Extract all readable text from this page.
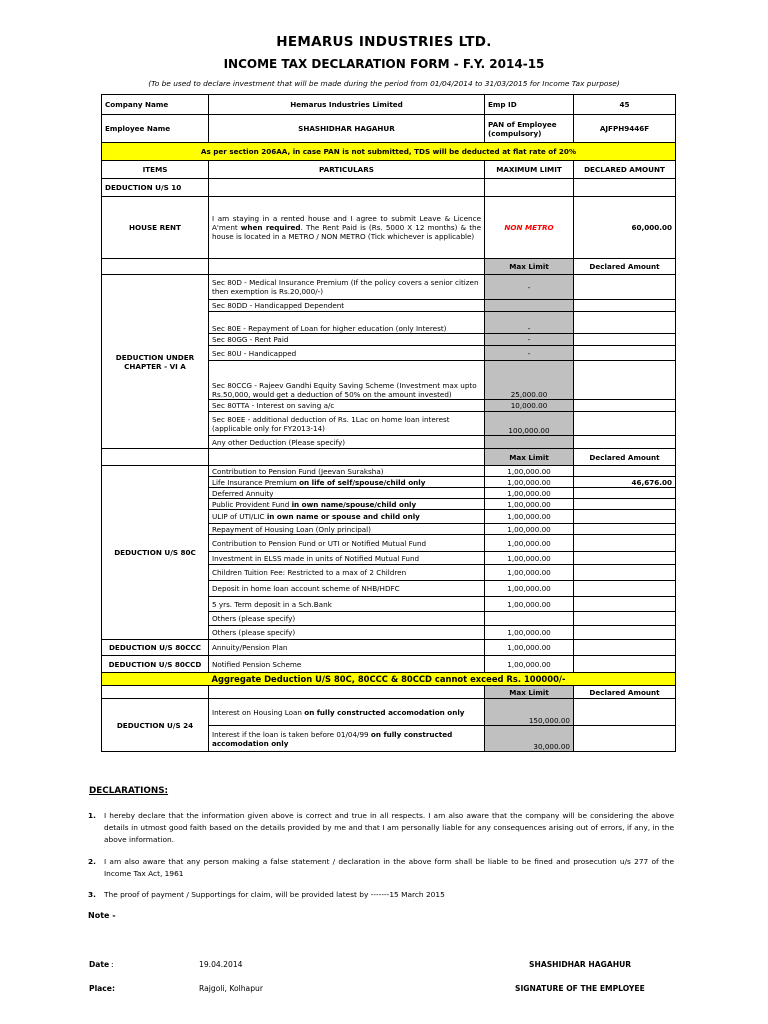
HEMARUS INDUSTRIES LTD.
INCOME TAX DECLARATION FORM - F.Y. 2014-15
(To be used to declare investment that will be made during the period from 01/04/2014 to 31/03/2015 for Income Tax purpose)
Company Name	Hemarus Industries Limited	Emp ID	45
Employee Name	SHASHIDHAR HAGAHUR	PAN of Employee (compulsory)	AJFPH9446F
As per section 206AA, in case PAN is not submitted, TDS will be deducted at flat rate of 20%			
ITEMS	PARTICULARS	MAXIMUM LIMIT	DECLARED AMOUNT
DEDUCTION U/S 10			
HOUSE RENT	I am staying in a rented house and I agree to submit Leave & Licence A'ment when required. The Rent Paid is (Rs. 5000 X 12 months) & the house is located in a METRO / NON METRO (Tick whichever is applicable)	NON METRO	60,000.00
		Max Limit	Declared Amount
DEDUCTION UNDER CHAPTER - VI A	Sec 80D - Medical Insurance Premium (If the policy covers a senior citizen then exemption is Rs.20,000/-)	-	
	Sec 80DD - Handicapped Dependent		
	Sec 80E - Repayment of Loan for higher education (only Interest)	-	
	Sec 80GG - Rent Paid	-	
	Sec 80U - Handicapped	-	
	Sec 80CCG - Rajeev Gandhi Equity Saving Scheme (Investment max upto Rs.50,000, would get a deduction of 50% on the amount invested)	25,000.00	
	Sec 80TTA - Interest on saving a/c	10,000.00	
	Sec 80EE - additional deduction of Rs. 1Lac on home loan interest (applicable only for FY2013-14)	100,000.00	
	Any other Deduction (Please specify)		
		Max Limit	Declared Amount
DEDUCTION U/S 80C	Contribution to Pension Fund (Jeevan Suraksha)	1,00,000.00	
	Life Insurance Premium on life of self/spouse/child only	1,00,000.00	46,676.00
	Deferred Annuity	1,00,000.00	
	Public Provident Fund in own name/spouse/child only	1,00,000.00	
	ULIP of UTI/LIC in own name or spouse and child only	1,00,000.00	
	Repayment of Housing Loan (Only principal)	1,00,000.00	
	Contribution to Pension Fund or UTI or Notified Mutual Fund	1,00,000.00	
	Investment in ELSS made in units of Notified Mutual Fund	1,00,000.00	
	Children Tuition Fee: Restricted to a max of 2 Children	1,00,000.00	
	Deposit in home loan account scheme of NHB/HDFC	1,00,000.00	
	5 yrs. Term deposit in a Sch.Bank	1,00,000.00	
	Others (please specify)		
	Others (please specify)	1,00,000.00	
DEDUCTION U/S 80CCC	Annuity/Pension Plan	1,00,000.00	
DEDUCTION U/S 80CCD	Notified Pension Scheme	1,00,000.00	
Aggregate Deduction U/S 80C, 80CCC & 80CCD cannot exceed Rs. 100000/-			
		Max Limit	Declared Amount
DEDUCTION U/S 24	Interest on Housing Loan on fully constructed accomodation only	150,000.00	
	Interest if the loan is taken before 01/04/99 on fully constructed accomodation only	30,000.00	
DECLARATIONS:
1. I hereby declare that the information given above is correct and true in all respects. I am also aware that the company will be considering the above details in utmost good faith based on the details provided by me and that I am personally liable for any consequences arising out of errors, if any, in the above information.
2. I am also aware that any person making a false statement / declaration in the above form shall be liable to be fined and prosecution u/s 277 of the Income Tax Act, 1961
3. The proof of payment / Supportings for claim, will be provided latest by -------15 March 2015
Note -
Date :	19.04.2014
Place:	Rajgoli, Kolhapur
SHASHIDHAR HAGAHUR
SIGNATURE OF THE EMPLOYEE
